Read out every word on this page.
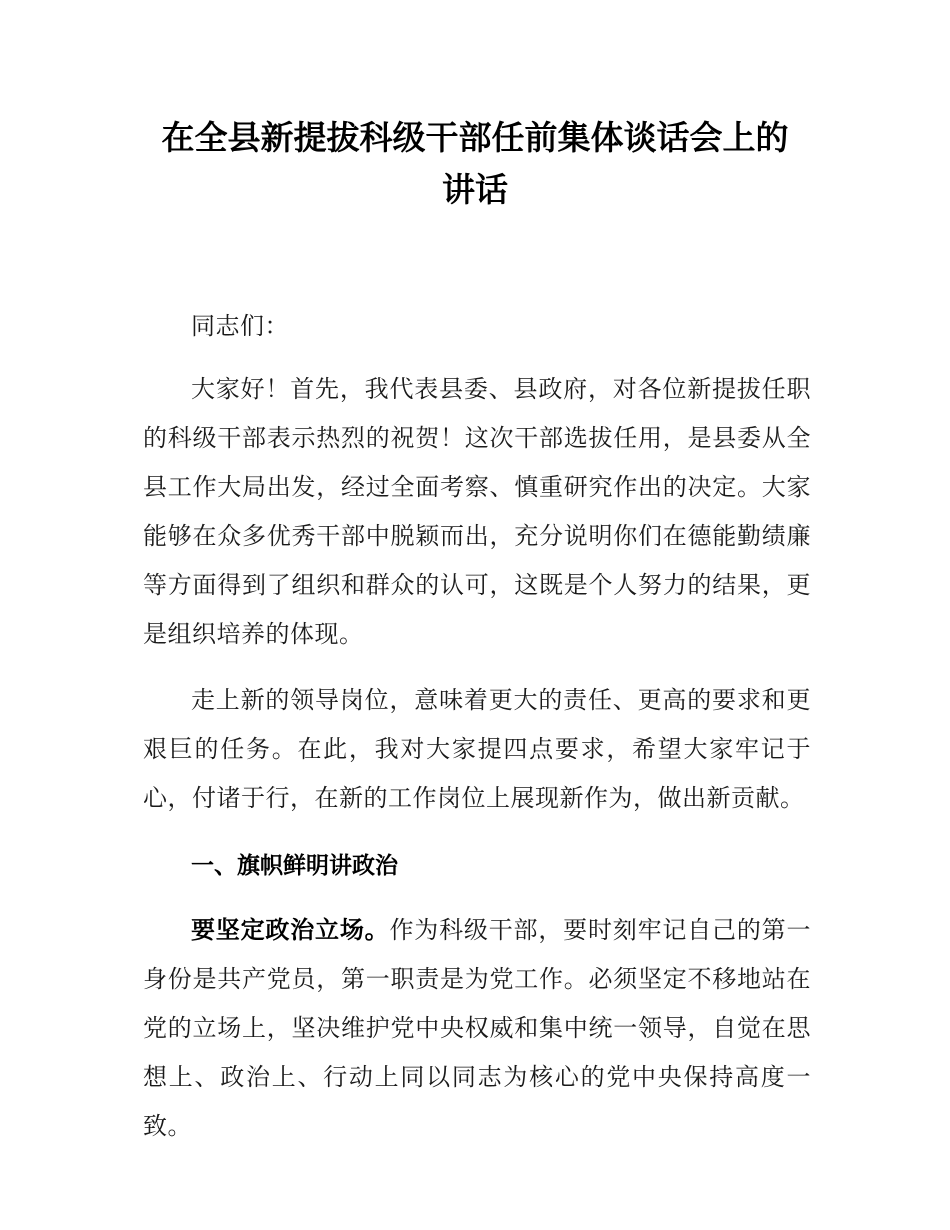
在全县新提拔科级干部任前集体谈话会上的
讲话

同志们：

大家好！首先，我代表县委、县政府，对各位新提拔任职的科级干部表示热烈的祝贺！这次干部选拔任用，是县委从全县工作大局出发，经过全面考察、慎重研究作出的决定。大家能够在众多优秀干部中脱颖而出，充分说明你们在德能勤绩廉等方面得到了组织和群众的认可，这既是个人努力的结果，更是组织培养的体现。

走上新的领导岗位，意味着更大的责任、更高的要求和更艰巨的任务。在此，我对大家提四点要求，希望大家牢记于心，付诸于行，在新的工作岗位上展现新作为，做出新贡献。

一、旗帜鲜明讲政治

要坚定政治立场。作为科级干部，要时刻牢记自己的第一身份是共产党员，第一职责是为党工作。必须坚定不移地站在党的立场上，坚决维护党中央权威和集中统一领导，自觉在思想上、政治上、行动上同以同志为核心的党中央保持高度一致。
